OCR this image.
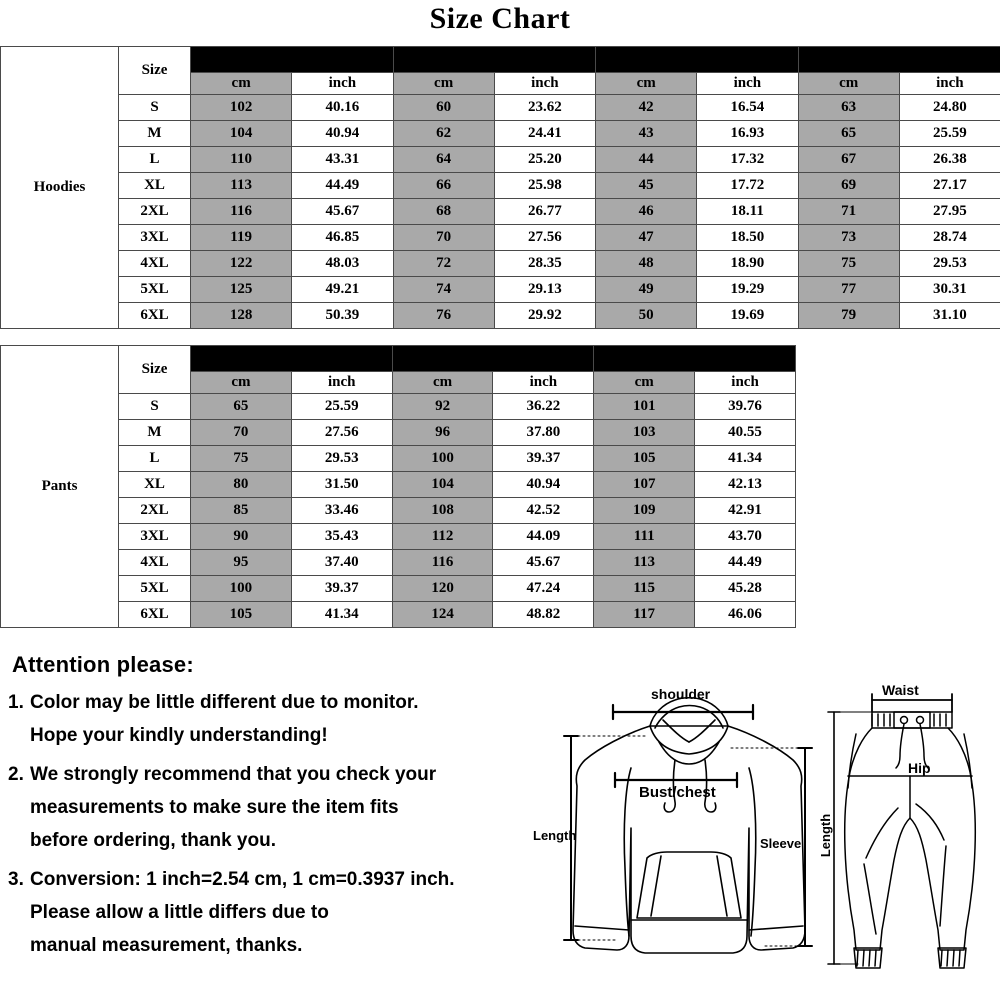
Size Chart
Hoodies	Size	Bust		Sleeve		Shoulder		Length	
		cm	inch	cm	inch	cm	inch	cm	inch
	S	102	40.16	60	23.62	42	16.54	63	24.80
	M	104	40.94	62	24.41	43	16.93	65	25.59
	L	110	43.31	64	25.20	44	17.32	67	26.38
	XL	113	44.49	66	25.98	45	17.72	69	27.17
	2XL	116	45.67	68	26.77	46	18.11	71	27.95
	3XL	119	46.85	70	27.56	47	18.50	73	28.74
	4XL	122	48.03	72	28.35	48	18.90	75	29.53
	5XL	125	49.21	74	29.13	49	19.29	77	30.31
	6XL	128	50.39	76	29.92	50	19.69	79	31.10
Pants	Size	Waist		Hip		Length	
		cm	inch	cm	inch	cm	inch
	S	65	25.59	92	36.22	101	39.76
	M	70	27.56	96	37.80	103	40.55
	L	75	29.53	100	39.37	105	41.34
	XL	80	31.50	104	40.94	107	42.13
	2XL	85	33.46	108	42.52	109	42.91
	3XL	90	35.43	112	44.09	111	43.70
	4XL	95	37.40	116	45.67	113	44.49
	5XL	100	39.37	120	47.24	115	45.28
	6XL	105	41.34	124	48.82	117	46.06
Attention please:
1. Color may be little different due to monitor.
Hope your kindly understanding!
2. We strongly recommend that you check your
measurements to make sure the item fits
before ordering, thank you.
3. Conversion: 1 inch=2.54 cm, 1 cm=0.3937 inch.
Please allow a little differs due to
manual measurement, thanks.
shoulder
Bust/chest
Length
Sleeve
Waist
Hip
Length
